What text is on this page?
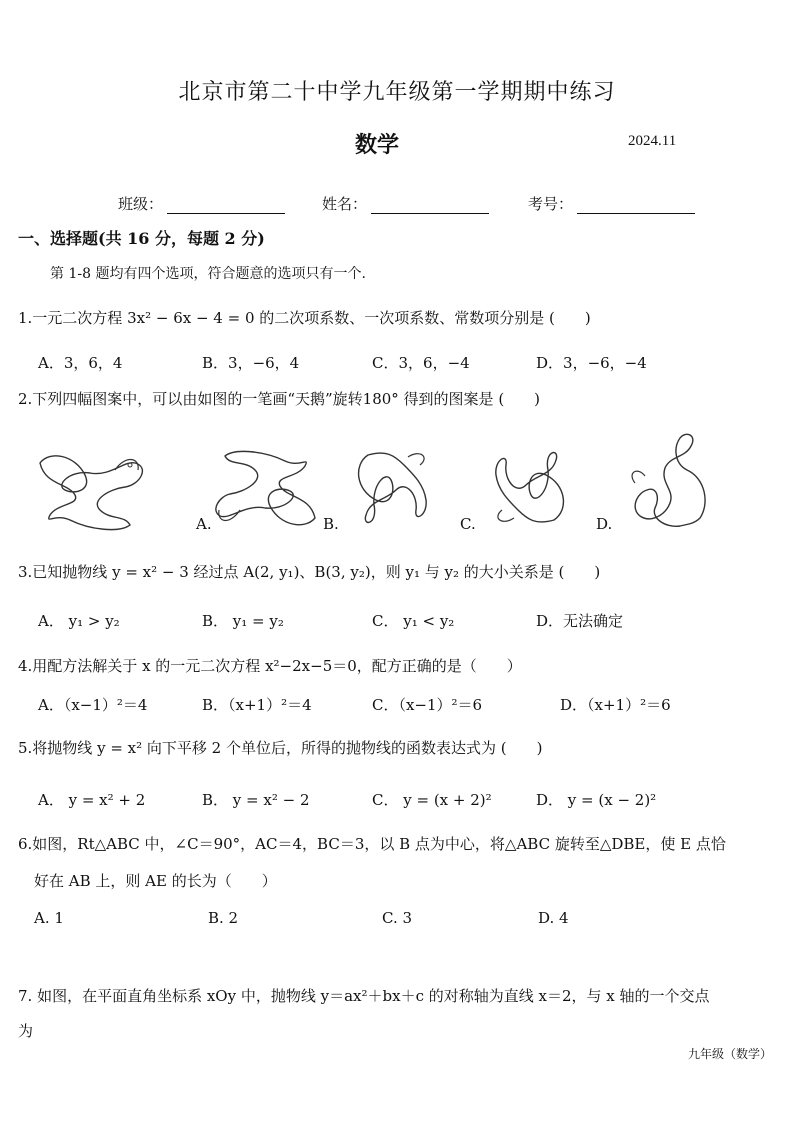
北京市第二十中学九年级第一学期期中练习
数学	2024.11
班级：	姓名：	考号：
一、选择题(共 16 分，每题 2 分)
第 1-8 题均有四个选项，符合题意的选项只有一个.
1.一元二次方程 3x² − 6x − 4 = 0 的二次项系数、一次项系数、常数项分别是 (　　)
A．3，6，4	B．3，−6，4	C．3，6，−4	D．3，−6，−4
2.下列四幅图案中，可以由如图的一笔画“天鹅”旋转180° 得到的图案是 (　　)
A.	B.	C.	D.
3.已知抛物线 y = x² − 3 经过点 A(2, y₁)、B(3, y₂)，则 y₁ 与 y₂ 的大小关系是 (　　)
A． y₁ > y₂	B． y₁ = y₂	C． y₁ < y₂	D．无法确定
4.用配方法解关于 x 的一元二次方程 x²−2x−5＝0，配方正确的是（　　）
A．（x−1）²＝4	B．（x+1）²＝4	C．（x−1）²＝6	D．（x+1）²＝6
5.将抛物线 y = x² 向下平移 2 个单位后，所得的抛物线的函数表达式为 (　　)
A． y = x² + 2	B． y = x² − 2	C． y = (x + 2)²	D． y = (x − 2)²
6.如图，Rt△ABC 中，∠C＝90°，AC＝4，BC＝3，以 B 点为中心，将△ABC 旋转至△DBE，使 E 点恰
好在 AB 上，则 AE 的长为（　　）
A. 1	B. 2	C. 3	D. 4
7. 如图，在平面直角坐标系 xOy 中，抛物线 y＝ax²＋bx＋c 的对称轴为直线 x＝2，与 x 轴的一个交点
为
九年级（数学）
